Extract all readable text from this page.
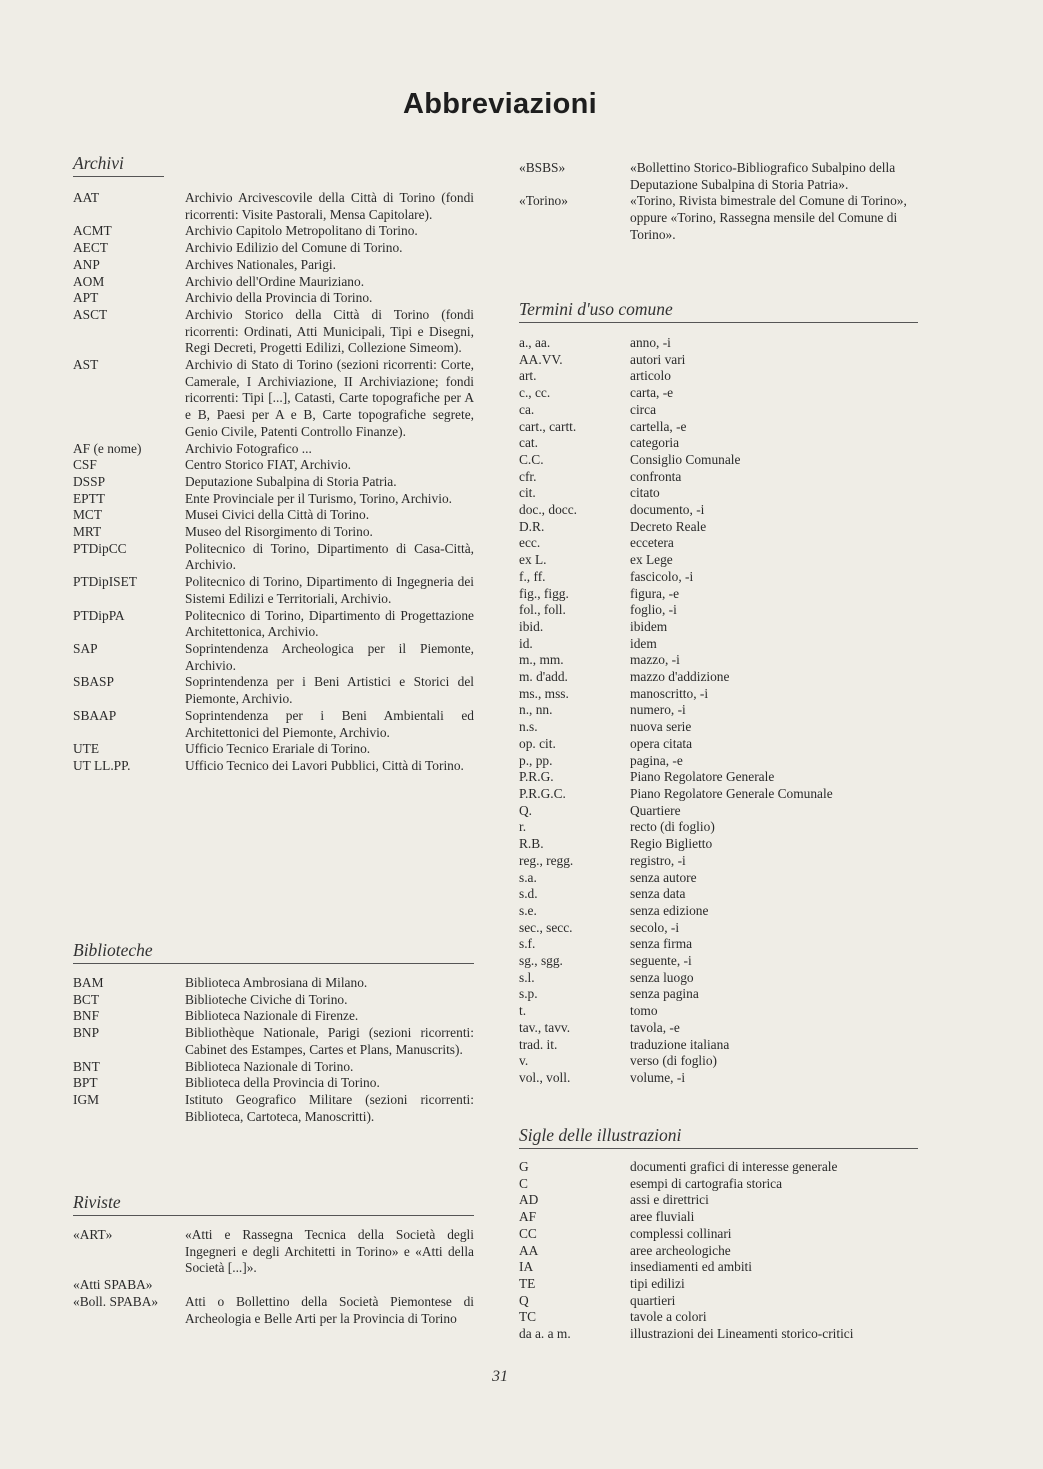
Abbreviazioni
Archivi
AAT	Archivio Arcivescovile della Città di Torino (fondi ricorrenti: Visite Pastorali, Mensa Capitolare).
ACMT	Archivio Capitolo Metropolitano di Torino.
AECT	Archivio Edilizio del Comune di Torino.
ANP	Archives Nationales, Parigi.
AOM	Archivio dell'Ordine Mauriziano.
APT	Archivio della Provincia di Torino.
ASCT	Archivio Storico della Città di Torino (fondi ricorrenti: Ordinati, Atti Municipali, Tipi e Disegni, Regi Decreti, Progetti Edilizi, Collezione Simeom).
AST	Archivio di Stato di Torino (sezioni ricorrenti: Corte, Camerale, I Archiviazione, II Archiviazione; fondi ricorrenti: Tipi [...], Catasti, Carte topografiche per A e B, Paesi per A e B, Carte topografiche segrete, Genio Civile, Patenti Controllo Finanze).
AF (e nome)	Archivio Fotografico ...
CSF	Centro Storico FIAT, Archivio.
DSSP	Deputazione Subalpina di Storia Patria.
EPTT	Ente Provinciale per il Turismo, Torino, Archivio.
MCT	Musei Civici della Città di Torino.
MRT	Museo del Risorgimento di Torino.
PTDipCC	Politecnico di Torino, Dipartimento di Casa-Città, Archivio.
PTDipISET	Politecnico di Torino, Dipartimento di Ingegneria dei Sistemi Edilizi e Territoriali, Archivio.
PTDipPA	Politecnico di Torino, Dipartimento di Progettazione Architettonica, Archivio.
SAP	Soprintendenza Archeologica per il Piemonte, Archivio.
SBASP	Soprintendenza per i Beni Artistici e Storici del Piemonte, Archivio.
SBAAP	Soprintendenza per i Beni Ambientali ed Architettonici del Piemonte, Archivio.
UTE	Ufficio Tecnico Erariale di Torino.
UT LL.PP.	Ufficio Tecnico dei Lavori Pubblici, Città di Torino.
Biblioteche
BAM	Biblioteca Ambrosiana di Milano.
BCT	Biblioteche Civiche di Torino.
BNF	Biblioteca Nazionale di Firenze.
BNP	Bibliothèque Nationale, Parigi (sezioni ricorrenti: Cabinet des Estampes, Cartes et Plans, Manuscrits).
BNT	Biblioteca Nazionale di Torino.
BPT	Biblioteca della Provincia di Torino.
IGM	Istituto Geografico Militare (sezioni ricorrenti: Biblioteca, Cartoteca, Manoscritti).
Riviste
«ART»	«Atti e Rassegna Tecnica della Società degli Ingegneri e degli Architetti in Torino» e «Atti della Società [...]».
«Atti SPABA»
«Boll. SPABA»	Atti o Bollettino della Società Piemontese di Archeologia e Belle Arti per la Provincia di Torino
«BSBS»	«Bollettino Storico-Bibliografico Subalpino della Deputazione Subalpina di Storia Patria».
«Torino»	«Torino, Rivista bimestrale del Comune di Torino», oppure «Torino, Rassegna mensile del Comune di Torino».
Termini d'uso comune
a., aa.	anno, -i
AA.VV.	autori vari
art.	articolo
c., cc.	carta, -e
ca.	circa
cart., cartt.	cartella, -e
cat.	categoria
C.C.	Consiglio Comunale
cfr.	confronta
cit.	citato
doc., docc.	documento, -i
D.R.	Decreto Reale
ecc.	eccetera
ex L.	ex Lege
f., ff.	fascicolo, -i
fig., figg.	figura, -e
fol., foll.	foglio, -i
ibid.	ibidem
id.	idem
m., mm.	mazzo, -i
m. d'add.	mazzo d'addizione
ms., mss.	manoscritto, -i
n., nn.	numero, -i
n.s.	nuova serie
op. cit.	opera citata
p., pp.	pagina, -e
P.R.G.	Piano Regolatore Generale
P.R.G.C.	Piano Regolatore Generale Comunale
Q.	Quartiere
r.	recto (di foglio)
R.B.	Regio Biglietto
reg., regg.	registro, -i
s.a.	senza autore
s.d.	senza data
s.e.	senza edizione
sec., secc.	secolo, -i
s.f.	senza firma
sg., sgg.	seguente, -i
s.l.	senza luogo
s.p.	senza pagina
t.	tomo
tav., tavv.	tavola, -e
trad. it.	traduzione italiana
v.	verso (di foglio)
vol., voll.	volume, -i
Sigle delle illustrazioni
G	documenti grafici di interesse generale
C	esempi di cartografia storica
AD	assi e direttrici
AF	aree fluviali
CC	complessi collinari
AA	aree archeologiche
IA	insediamenti ed ambiti
TE	tipi edilizi
Q	quartieri
TC	tavole a colori
da a. a m.	illustrazioni dei Lineamenti storico-critici
31
